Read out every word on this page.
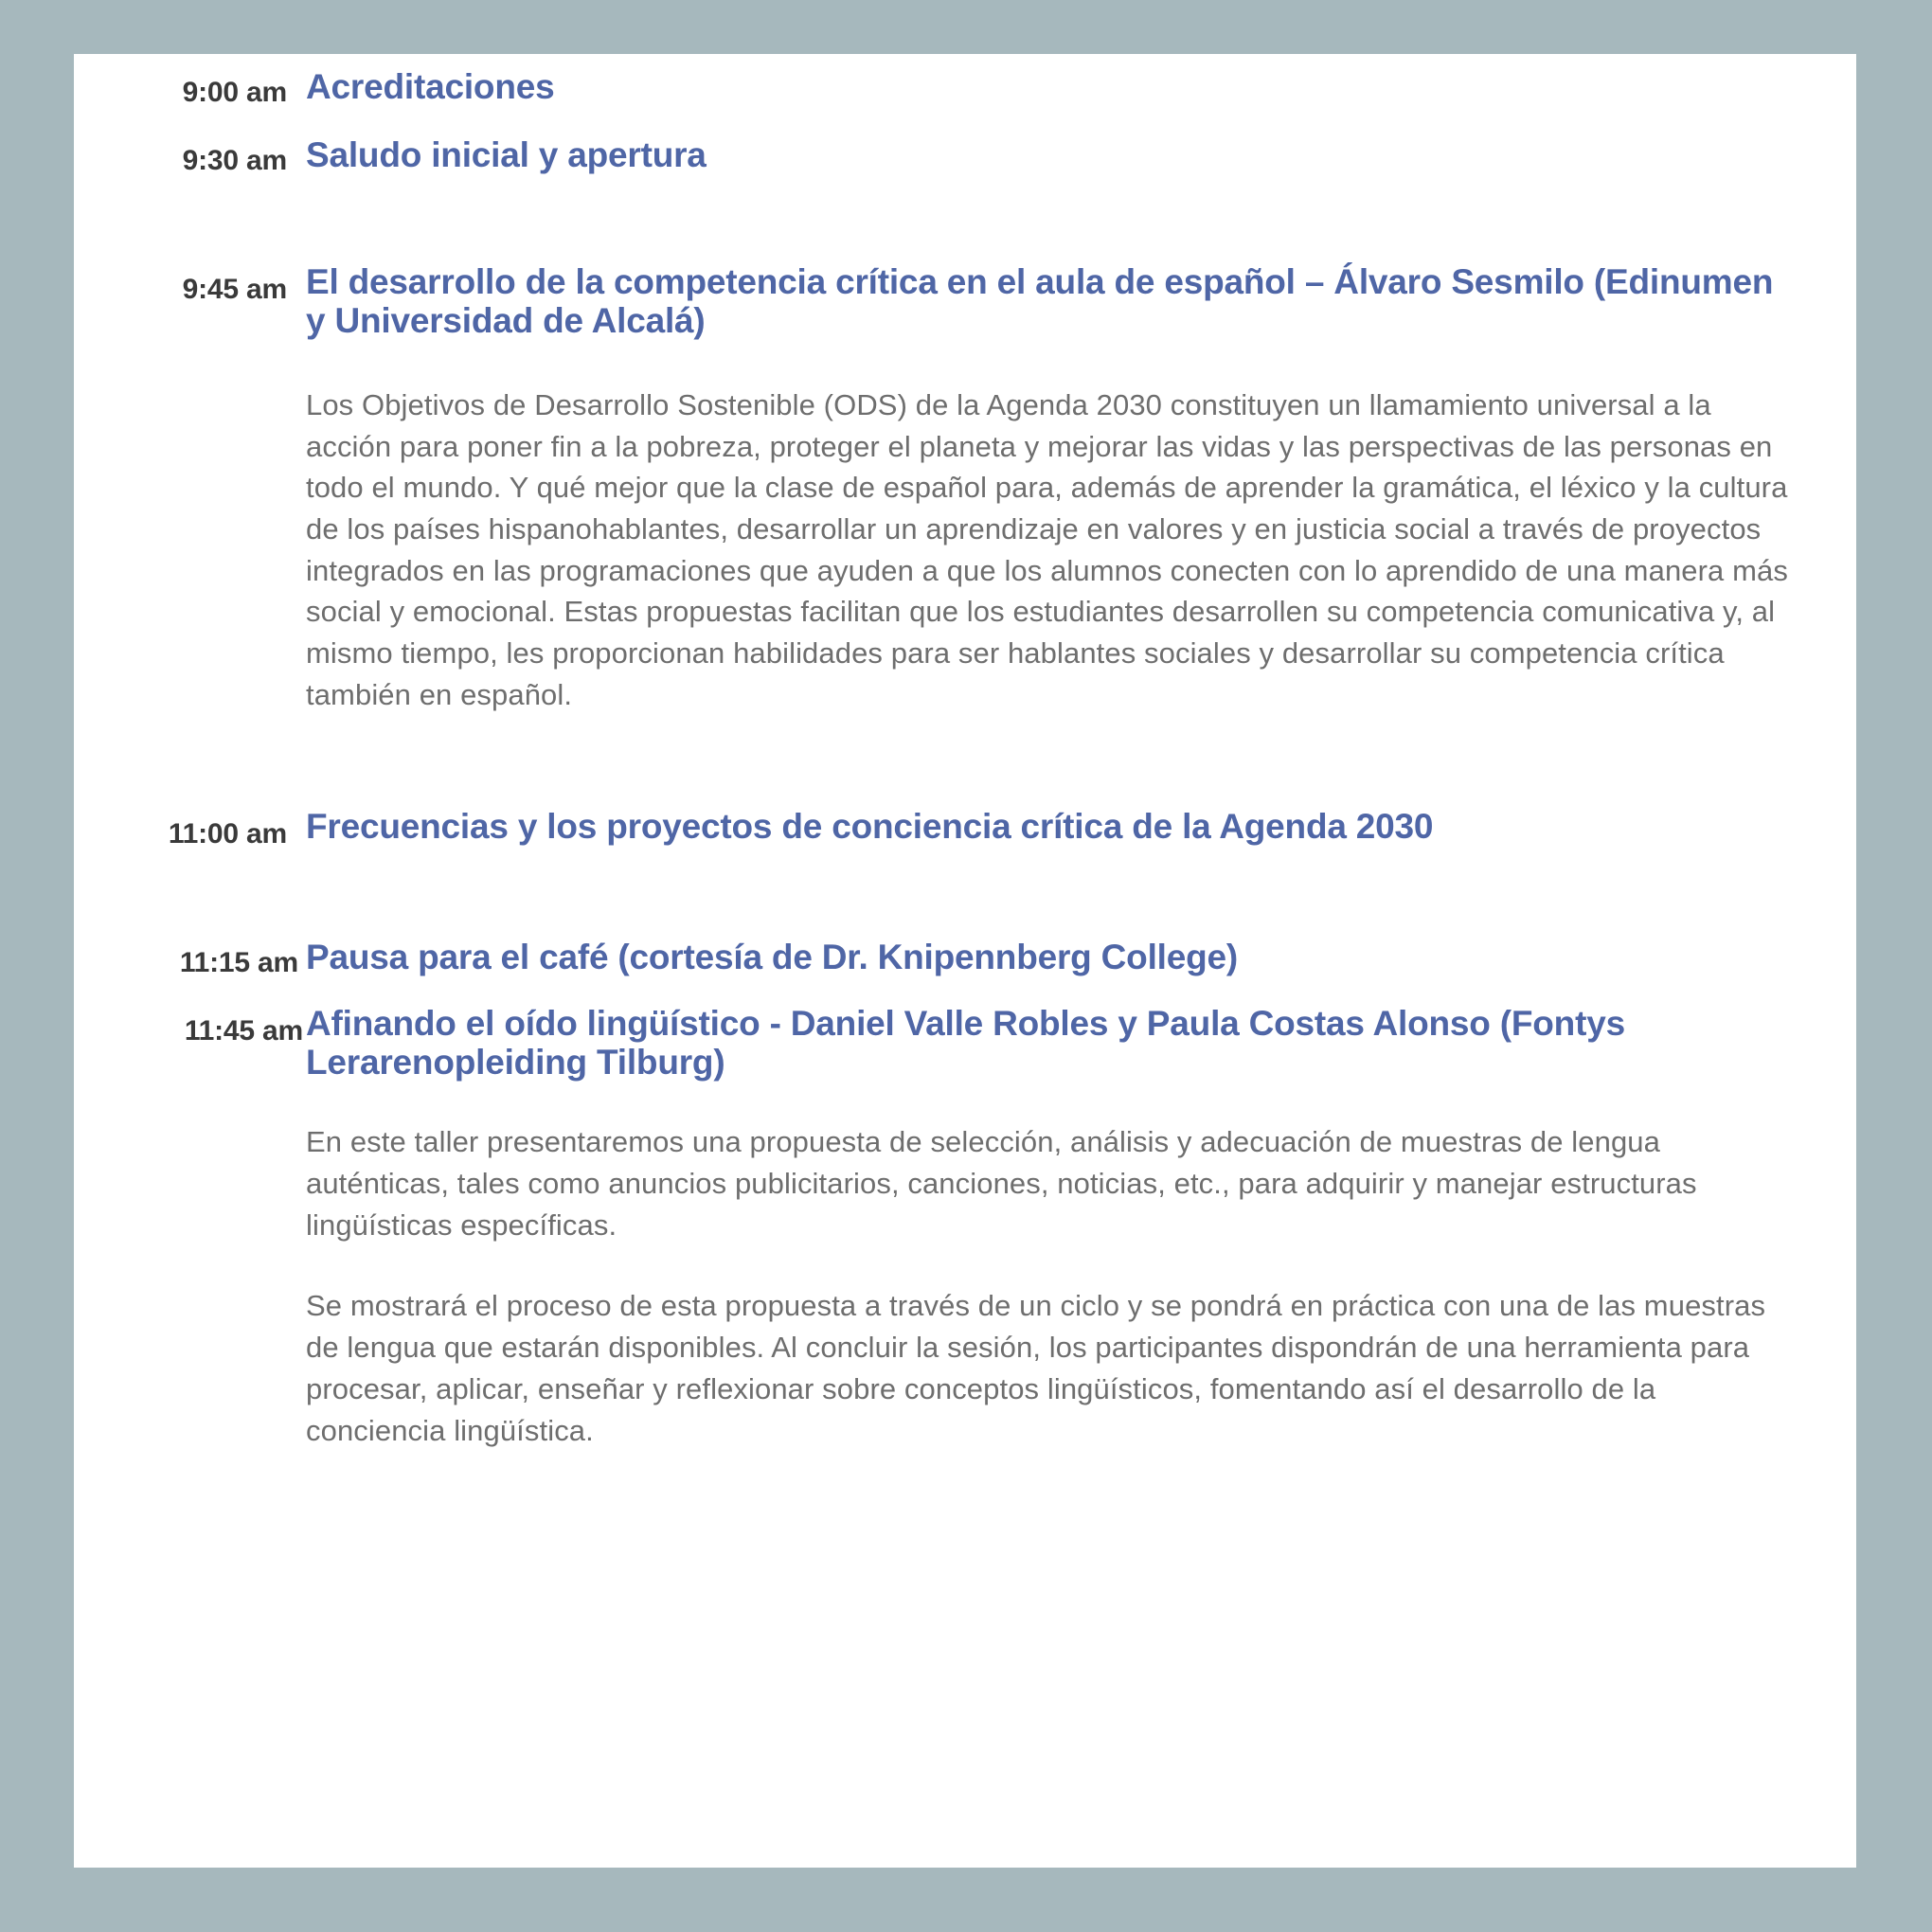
9:00 am Acreditaciones
9:30 am Saludo inicial y apertura
9:45 am El desarrollo de la competencia crítica en el aula de español – Álvaro Sesmilo (Edinumen y Universidad de Alcalá)
Los Objetivos de Desarrollo Sostenible (ODS) de la Agenda 2030 constituyen un llamamiento universal a la acción para poner fin a la pobreza, proteger el planeta y mejorar las vidas y las perspectivas de las personas en todo el mundo. Y qué mejor que la clase de español para, además de aprender la gramática, el léxico y la cultura de los países hispanohablantes, desarrollar un aprendizaje en valores y en justicia social a través de proyectos integrados en las programaciones que ayuden a que los alumnos conecten con lo aprendido de una manera más social y emocional. Estas propuestas facilitan que los estudiantes desarrollen su competencia comunicativa y, al mismo tiempo, les proporcionan habilidades para ser hablantes sociales y desarrollar su competencia crítica también en español.
11:00 am Frecuencias y los proyectos de conciencia crítica de la Agenda 2030
11:15 am Pausa para el café (cortesía de Dr. Knipennberg College)
11:45 am Afinando el oído lingüístico - Daniel Valle Robles y Paula Costas Alonso (Fontys Lerarenopleiding Tilburg)
En este taller presentaremos una propuesta de selección, análisis y adecuación de muestras de lengua auténticas, tales como anuncios publicitarios, canciones, noticias, etc., para adquirir y manejar estructuras lingüísticas específicas.
Se mostrará el proceso de esta propuesta a través de un ciclo y se pondrá en práctica con una de las muestras de lengua que estarán disponibles. Al concluir la sesión, los participantes dispondrán de una herramienta para procesar, aplicar, enseñar y reflexionar sobre conceptos lingüísticos, fomentando así el desarrollo de la conciencia lingüística.
